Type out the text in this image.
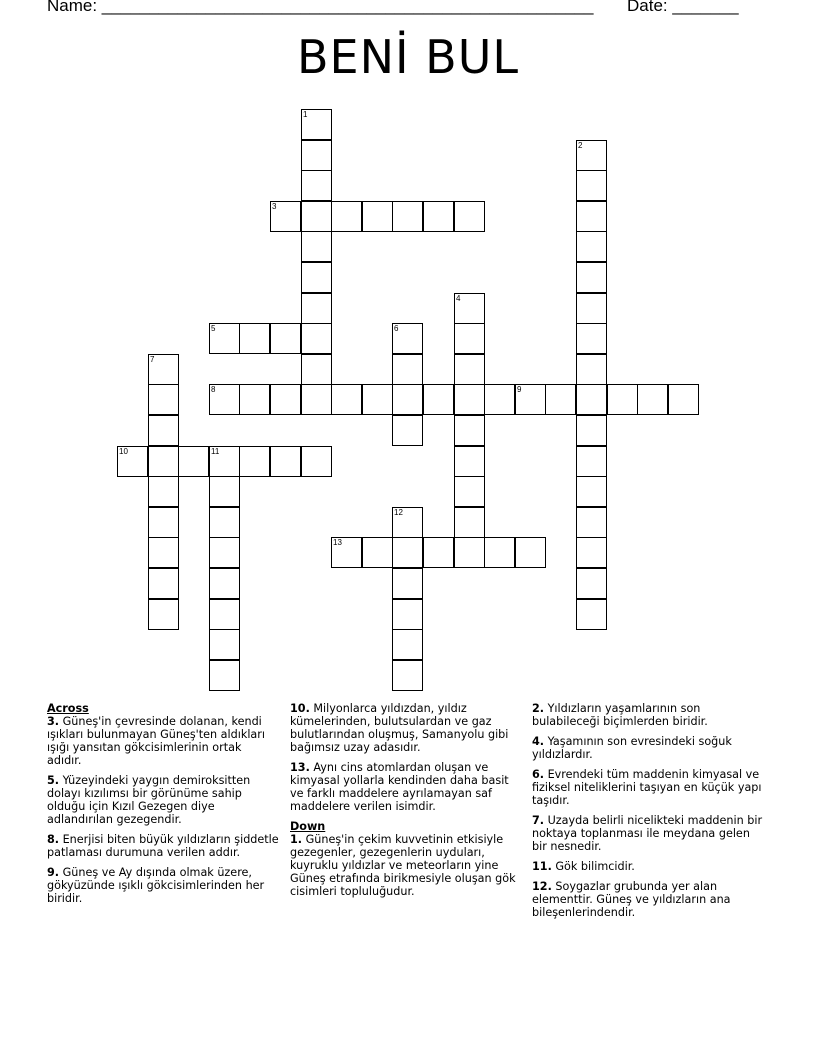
Name: ____________________________________________________ Date: _______
BENİ BUL
1
2
3
4
5	6
7
8	9
10	11
12
13
Across
3. Güneş'in çevresinde dolanan, kendi ışıkları bulunmayan Güneş'ten aldıkları ışığı yansıtan gökcisimlerinin ortak adıdır.
5. Yüzeyindeki yaygın demiroksitten dolayı kızılımsı bir görünüme sahip olduğu için Kızıl Gezegen diye adlandırılan gezegendir.
8. Enerjisi biten büyük yıldızların şiddetle patlaması durumuna verilen addır.
9. Güneş ve Ay dışında olmak üzere, gökyüzünde ışıklı gökcisimlerinden her biridir.
10. Milyonlarca yıldızdan, yıldız kümelerinden, bulutsulardan ve gaz bulutlarından oluşmuş, Samanyolu gibi bağımsız uzay adasıdır.
13. Aynı cins atomlardan oluşan ve kimyasal yollarla kendinden daha basit ve farklı maddelere ayrılamayan saf maddelere verilen isimdir.
Down
1. Güneş'in çekim kuvvetinin etkisiyle gezegenler, gezegenlerin uyduları, kuyruklu yıldızlar ve meteorların yine Güneş etrafında birikmesiyle oluşan gök cisimleri topluluğudur.
2. Yıldızların yaşamlarının son bulabileceği biçimlerden biridir.
4. Yaşamının son evresindeki soğuk yıldızlardır.
6. Evrendeki tüm maddenin kimyasal ve fiziksel niteliklerini taşıyan en küçük yapı taşıdır.
7. Uzayda belirli nicelikteki maddenin bir noktaya toplanması ile meydana gelen bir nesnedir.
11. Gök bilimcidir.
12. Soygazlar grubunda yer alan elementtir. Güneş ve yıldızların ana bileşenlerindendir.
